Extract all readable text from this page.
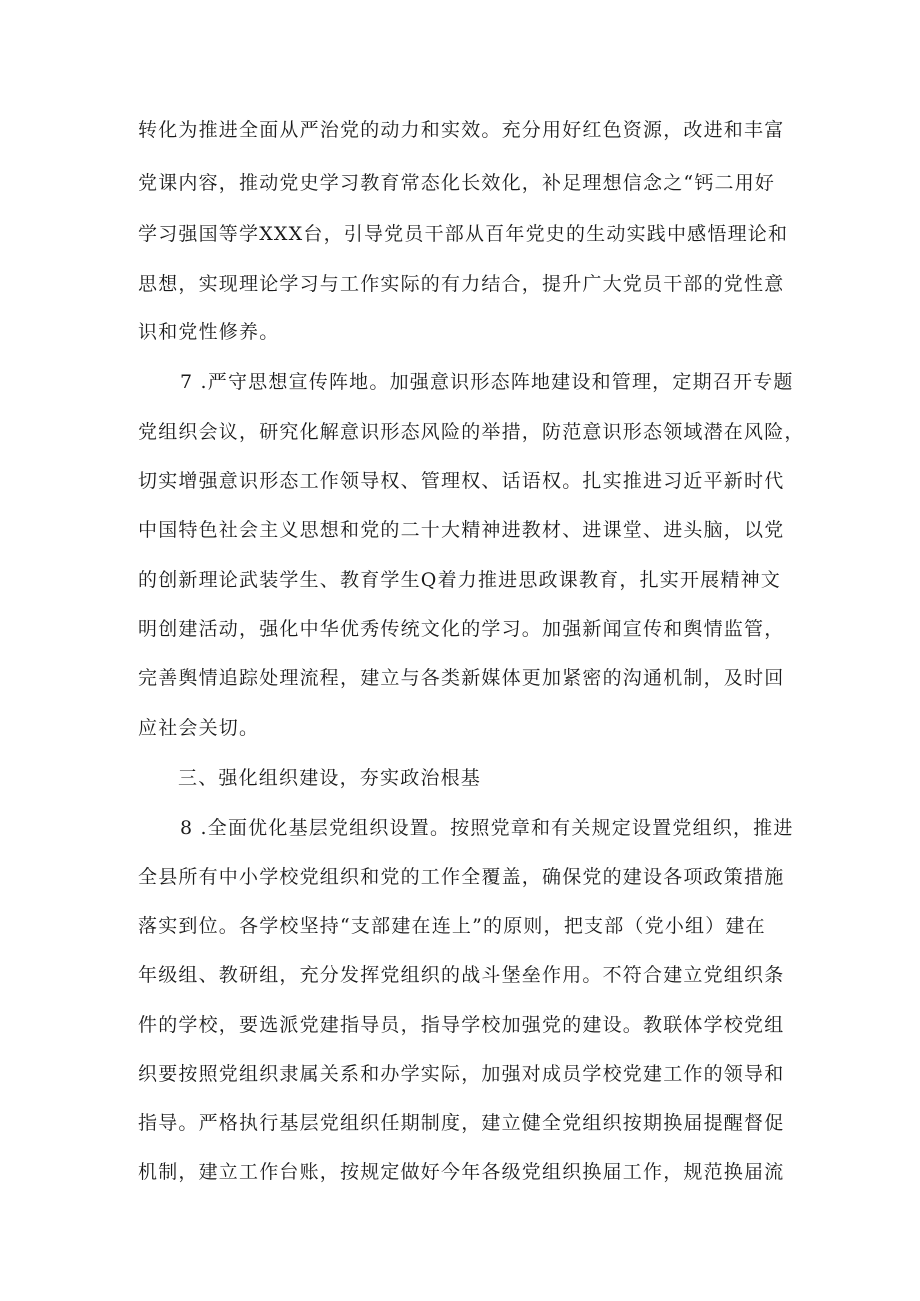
转化为推进全面从严治党的动力和实效。充分用好红色资源，改进和丰富

党课内容，推动党史学习教育常态化长效化，补足理想信念之“钙二用好

学习强国等学XXX台，引导党员干部从百年党史的生动实践中感悟理论和

思想，实现理论学习与工作实际的有力结合，提升广大党员干部的党性意

识和党性修养。

7 .严守思想宣传阵地。加强意识形态阵地建设和管理，定期召开专题

党组织会议，研究化解意识形态风险的举措，防范意识形态领域潜在风险，

切实增强意识形态工作领导权、管理权、话语权。扎实推进习近平新时代

中国特色社会主义思想和党的二十大精神进教材、进课堂、进头脑，以党

的创新理论武装学生、教育学生Q着力推进思政课教育，扎实开展精神文

明创建活动，强化中华优秀传统文化的学习。加强新闻宣传和舆情监管，

完善舆情追踪处理流程，建立与各类新媒体更加紧密的沟通机制，及时回

应社会关切。

三、强化组织建设，夯实政治根基

8 .全面优化基层党组织设置。按照党章和有关规定设置党组织，推进

全县所有中小学校党组织和党的工作全覆盖，确保党的建设各项政策措施

落实到位。各学校坚持“支部建在连上”的原则，把支部（党小组）建在

年级组、教研组，充分发挥党组织的战斗堡垒作用。不符合建立党组织条

件的学校，要选派党建指导员，指导学校加强党的建设。教联体学校党组

织要按照党组织隶属关系和办学实际，加强对成员学校党建工作的领导和

指导。严格执行基层党组织任期制度，建立健全党组织按期换届提醒督促

机制，建立工作台账，按规定做好今年各级党组织换届工作，规范换届流
